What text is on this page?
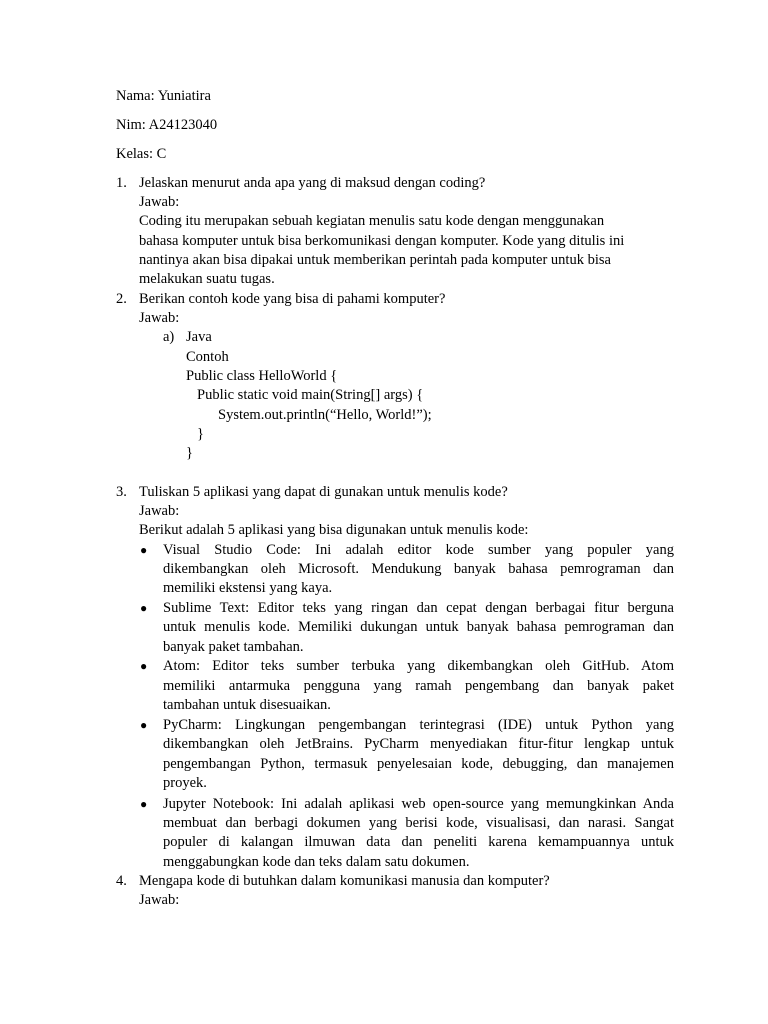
Nama: Yuniatira

Nim: A24123040

Kelas: C

1. Jelaskan menurut anda apa yang di maksud dengan coding?

Jawab:

Coding itu merupakan sebuah kegiatan menulis satu kode dengan menggunakan

bahasa komputer untuk bisa berkomunikasi dengan komputer. Kode yang ditulis ini

nantinya akan bisa dipakai untuk memberikan perintah pada komputer untuk bisa

melakukan suatu tugas.

2. Berikan contoh kode yang bisa di pahami komputer?

Jawab:

a) Java

Contoh

Public class HelloWorld {

Public static void main(String[] args) {

System.out.println(“Hello, World!”);

}

}

3. Tuliskan 5 aplikasi yang dapat di gunakan untuk menulis kode?

Jawab:

Berikut adalah 5 aplikasi yang bisa digunakan untuk menulis kode:

● Visual Studio Code: Ini adalah editor kode sumber yang populer yang

dikembangkan oleh Microsoft. Mendukung banyak bahasa pemrograman dan

memiliki ekstensi yang kaya.

● Sublime Text: Editor teks yang ringan dan cepat dengan berbagai fitur berguna

untuk menulis kode. Memiliki dukungan untuk banyak bahasa pemrograman dan

banyak paket tambahan.

● Atom: Editor teks sumber terbuka yang dikembangkan oleh GitHub. Atom

memiliki antarmuka pengguna yang ramah pengembang dan banyak paket

tambahan untuk disesuaikan.

● PyCharm: Lingkungan pengembangan terintegrasi (IDE) untuk Python yang

dikembangkan oleh JetBrains. PyCharm menyediakan fitur-fitur lengkap untuk

pengembangan Python, termasuk penyelesaian kode, debugging, dan manajemen

proyek.

● Jupyter Notebook: Ini adalah aplikasi web open-source yang memungkinkan Anda

membuat dan berbagi dokumen yang berisi kode, visualisasi, dan narasi. Sangat

populer di kalangan ilmuwan data dan peneliti karena kemampuannya untuk

menggabungkan kode dan teks dalam satu dokumen.

4. Mengapa kode di butuhkan dalam komunikasi manusia dan komputer?

Jawab:
